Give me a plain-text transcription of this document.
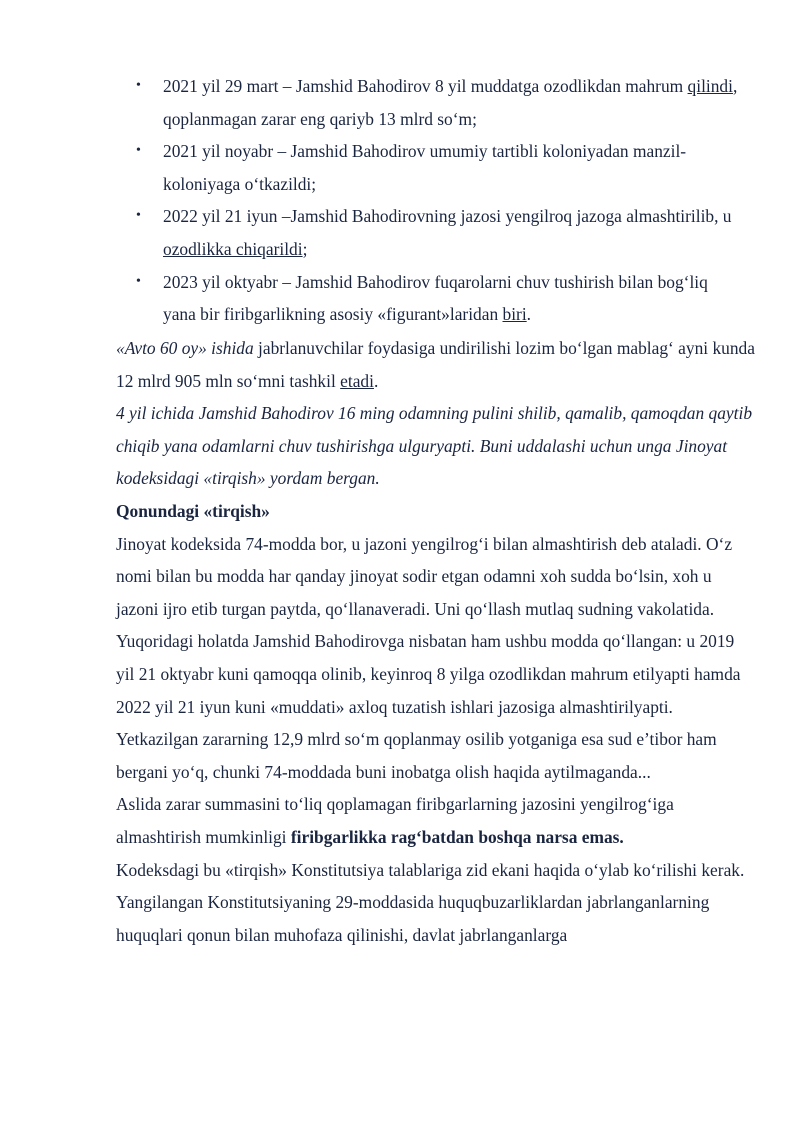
• 2021 yil 29 mart – Jamshid Bahodirov 8 yil muddatga ozodlikdan mahrum qilindi, qoplanmagan zarar eng qariyb 13 mlrd so‘m;
• 2021 yil noyabr – Jamshid Bahodirov umumiy tartibli koloniyadan manzil-koloniyaga o‘tkazildi;
• 2022 yil 21 iyun –Jamshid Bahodirovning jazosi yengilroq jazoga almashtirilib, u ozodlikka chiqarildi;
• 2023 yil oktyabr – Jamshid Bahodirov fuqarolarni chuv tushirish bilan bog‘liq yana bir firibgarlikning asosiy «figurant»laridan biri.

«Avto 60 oy» ishida jabrlanuvchilar foydasiga undirilishi lozim bo‘lgan mablag‘ ayni kunda 12 mlrd 905 mln so‘mni tashkil etadi.

4 yil ichida Jamshid Bahodirov 16 ming odamning pulini shilib, qamalib, qamoqdan qaytib chiqib yana odamlarni chuv tushirishga ulguryapti. Buni uddalashi uchun unga Jinoyat kodeksidagi «tirqish» yordam bergan.

Qonundagi «tirqish»

Jinoyat kodeksida 74-modda bor, u jazoni yengilrog‘i bilan almashtirish deb ataladi. O‘z nomi bilan bu modda har qanday jinoyat sodir etgan odamni xoh sudda bo‘lsin, xoh u jazoni ijro etib turgan paytda, qo‘llanaveradi. Uni qo‘llash mutlaq sudning vakolatida.

Yuqoridagi holatda Jamshid Bahodirovga nisbatan ham ushbu modda qo‘llangan: u 2019 yil 21 oktyabr kuni qamoqqa olinib, keyinroq 8 yilga ozodlikdan mahrum etilyapti hamda 2022 yil 21 iyun kuni «muddati» axloq tuzatish ishlari jazosiga almashtirilyapti. Yetkazilgan zararning 12,9 mlrd so‘m qoplanmay osilib yotganiga esa sud e’tibor ham bergani yo‘q, chunki 74-moddada buni inobatga olish haqida aytilmaganda...

Aslida zarar summasini to‘liq qoplamagan firibgarlarning jazosini yengilrog‘iga almashtirish mumkinligi firibgarlikka rag‘batdan boshqa narsa emas.

Kodeksdagi bu «tirqish» Konstitutsiya talablariga zid ekani haqida o‘ylab ko‘rilishi kerak.

Yangilangan Konstitutsiyaning 29-moddasida huquqbuzarliklardan jabrlanganlarning huquqlari qonun bilan muhofaza qilinishi, davlat jabrlanganlarga
